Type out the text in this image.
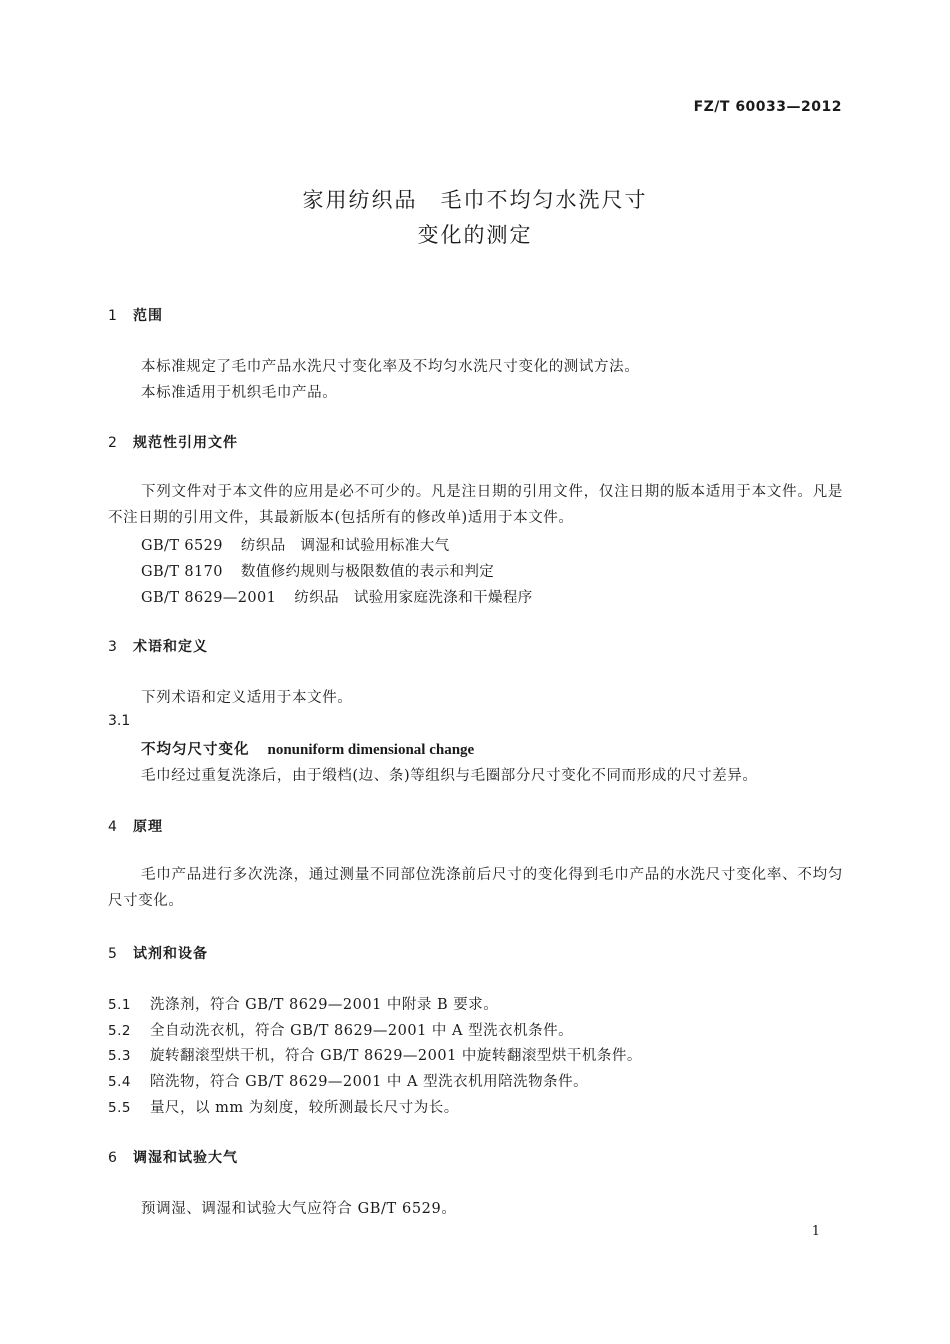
FZ/T 60033—2012
家用纺织品　毛巾不均匀水洗尺寸
变化的测定
1 范围
本标准规定了毛巾产品水洗尺寸变化率及不均匀水洗尺寸变化的测试方法。
本标准适用于机织毛巾产品。
2 规范性引用文件
下列文件对于本文件的应用是必不可少的。凡是注日期的引用文件，仅注日期的版本适用于本文件。凡是不注日期的引用文件，其最新版本(包括所有的修改单)适用于本文件。
GB/T 6529 纺织品　调湿和试验用标准大气
GB/T 8170 数值修约规则与极限数值的表示和判定
GB/T 8629—2001 纺织品　试验用家庭洗涤和干燥程序
3 术语和定义
下列术语和定义适用于本文件。
3.1
不均匀尺寸变化 nonuniform dimensional change
毛巾经过重复洗涤后，由于缎档(边、条)等组织与毛圈部分尺寸变化不同而形成的尺寸差异。
4 原理
毛巾产品进行多次洗涤，通过测量不同部位洗涤前后尺寸的变化得到毛巾产品的水洗尺寸变化率、不均匀尺寸变化。
5 试剂和设备
5.1 洗涤剂，符合 GB/T 8629—2001 中附录 B 要求。
5.2 全自动洗衣机，符合 GB/T 8629—2001 中 A 型洗衣机条件。
5.3 旋转翻滚型烘干机，符合 GB/T 8629—2001 中旋转翻滚型烘干机条件。
5.4 陪洗物，符合 GB/T 8629—2001 中 A 型洗衣机用陪洗物条件。
5.5 量尺，以 mm 为刻度，较所测最长尺寸为长。
6 调湿和试验大气
预调湿、调湿和试验大气应符合 GB/T 6529。
1
